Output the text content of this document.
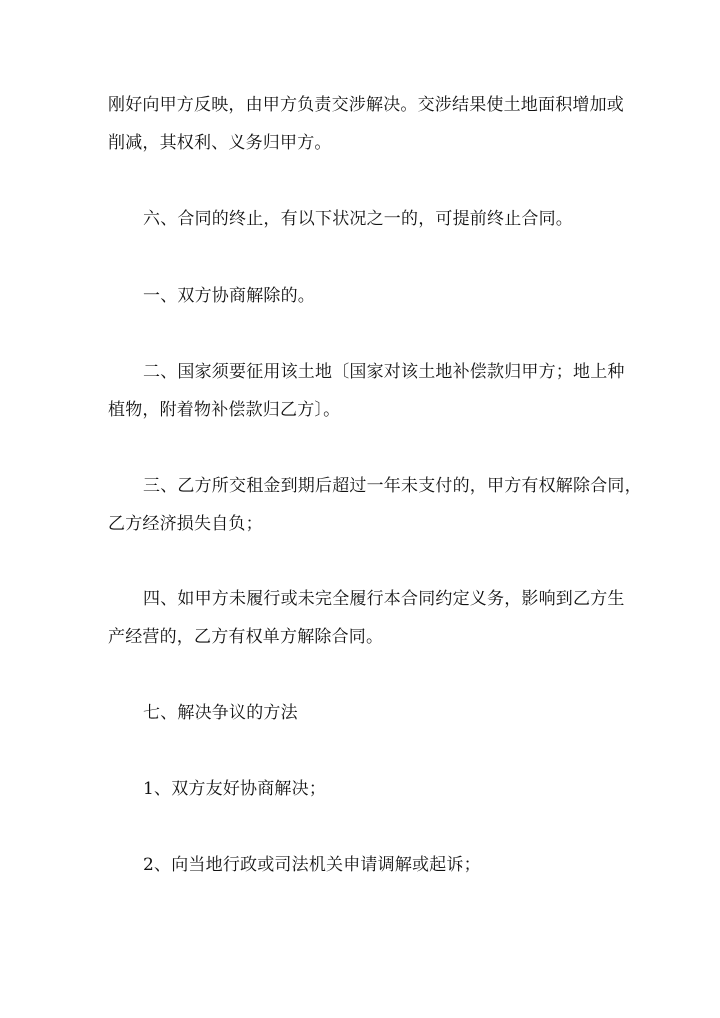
刚好向甲方反映，由甲方负责交涉解决。交涉结果使土地面积增加或
削减，其权利、义务归甲方。

六、合同的终止，有以下状况之一的，可提前终止合同。

一、双方协商解除的。

二、国家须要征用该土地〔国家对该土地补偿款归甲方；地上种
植物，附着物补偿款归乙方〕。

三、乙方所交租金到期后超过一年未支付的，甲方有权解除合同，
乙方经济损失自负；

四、如甲方未履行或未完全履行本合同约定义务，影响到乙方生
产经营的，乙方有权单方解除合同。

七、解决争议的方法

1、双方友好协商解决；

2、向当地行政或司法机关申请调解或起诉；
